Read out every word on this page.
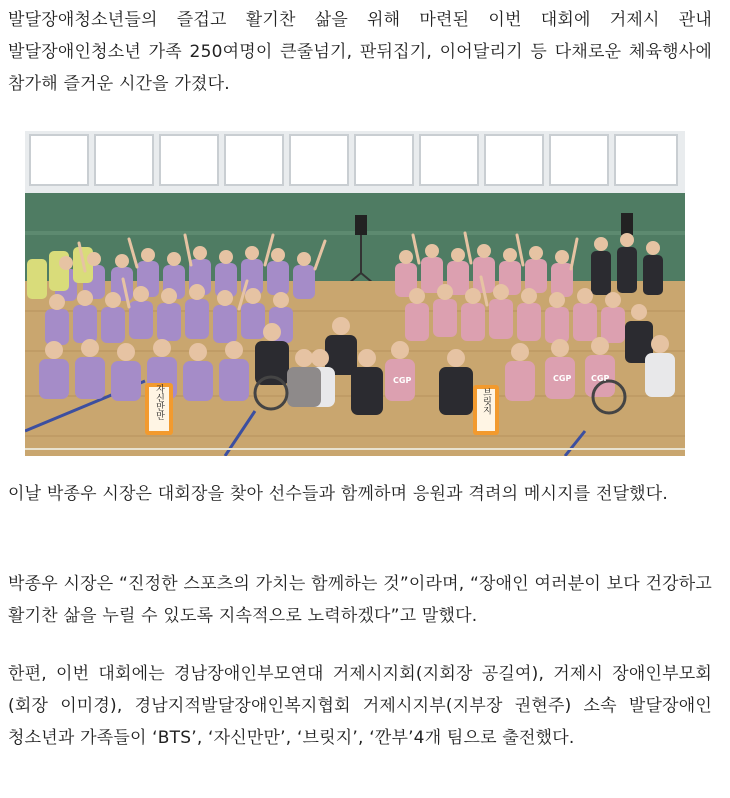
발달장애청소년들의 즐겁고 활기찬 삶을 위해 마련된 이번 대회에 거제시 관내 발달장애인청소년 가족 250여명이 큰줄넘기, 판뒤집기, 이어달리기 등 다채로운 체육행사에 참가해 즐거운 시간을 가졌다.

CGP	CGP CGP
자신만만	브릿지

이날 박종우 시장은 대회장을 찾아 선수들과 함께하며 응원과 격려의 메시지를 전달했다.

박종우 시장은 “진정한 스포츠의 가치는 함께하는 것”이라며, “장애인 여러분이 보다 건강하고 활기찬 삶을 누릴 수 있도록 지속적으로 노력하겠다”고 말했다.

한편, 이번 대회에는 경남장애인부모연대 거제시지회(지회장 공길여), 거제시 장애인부모회(회장 이미경), 경남지적발달장애인복지협회 거제시지부(지부장 권현주) 소속 발달장애인 청소년과 가족들이 ‘BTS’, ‘자신만만’, ‘브릿지’, ‘깐부’4개 팀으로 출전했다.
